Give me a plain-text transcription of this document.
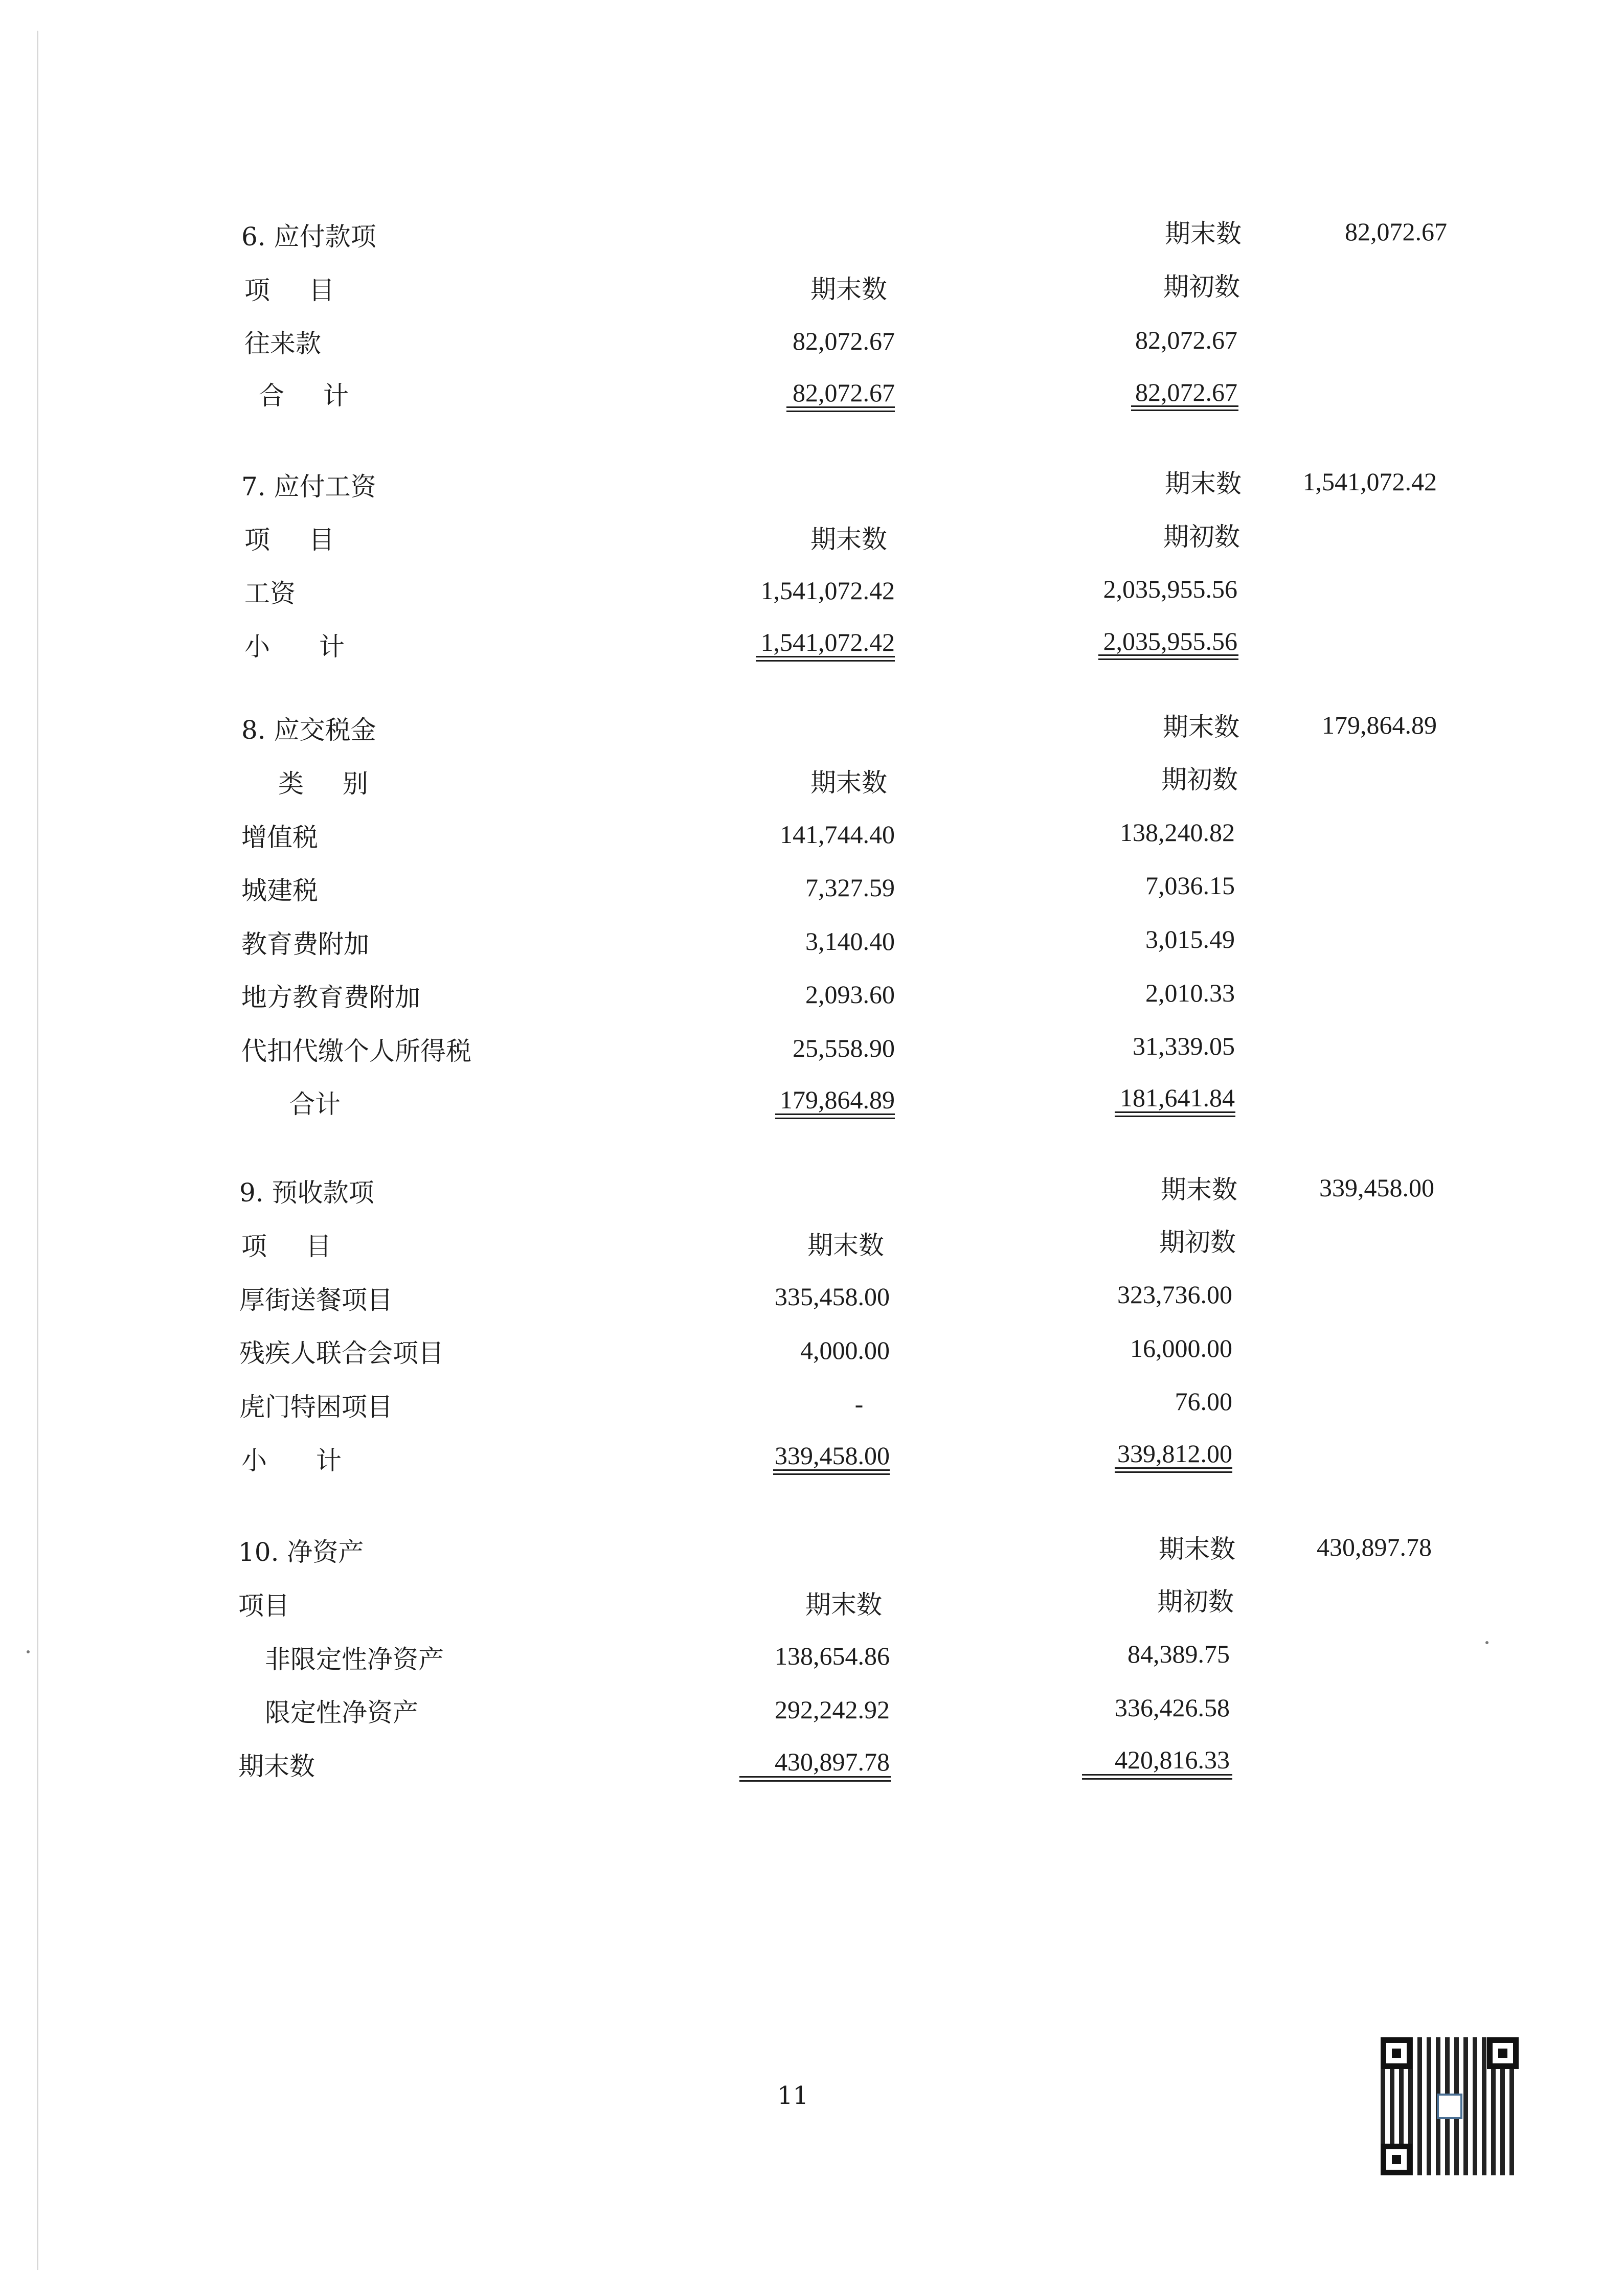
6. 应付款项	期末数	82,072.67
项 目	期末数	期初数
往来款	82,072.67	82,072.67
合 计	82,072.67	82,072.67
7. 应付工资	期末数	1,541,072.42
项 目	期末数	期初数
工资	1,541,072.42	2,035,955.56
小 计	1,541,072.42	2,035,955.56
8. 应交税金	期末数	179,864.89
类 别	期末数	期初数
增值税	141,744.40	138,240.82
城建税	7,327.59	7,036.15
教育费附加	3,140.40	3,015.49
地方教育费附加	2,093.60	2,010.33
代扣代缴个人所得税	25,558.90	31,339.05
合计	179,864.89	181,641.84
9. 预收款项	期末数	339,458.00
项 目	期末数	期初数
厚街送餐项目	335,458.00	323,736.00
残疾人联合会项目	4,000.00	16,000.00
虎门特困项目	-	76.00
小 计	339,458.00	339,812.00
10. 净资产	期末数	430,897.78
项目	期末数	期初数
非限定性净资产	138,654.86	84,389.75
限定性净资产	292,242.92	336,426.58
期末数	430,897.78	420,816.33
11
